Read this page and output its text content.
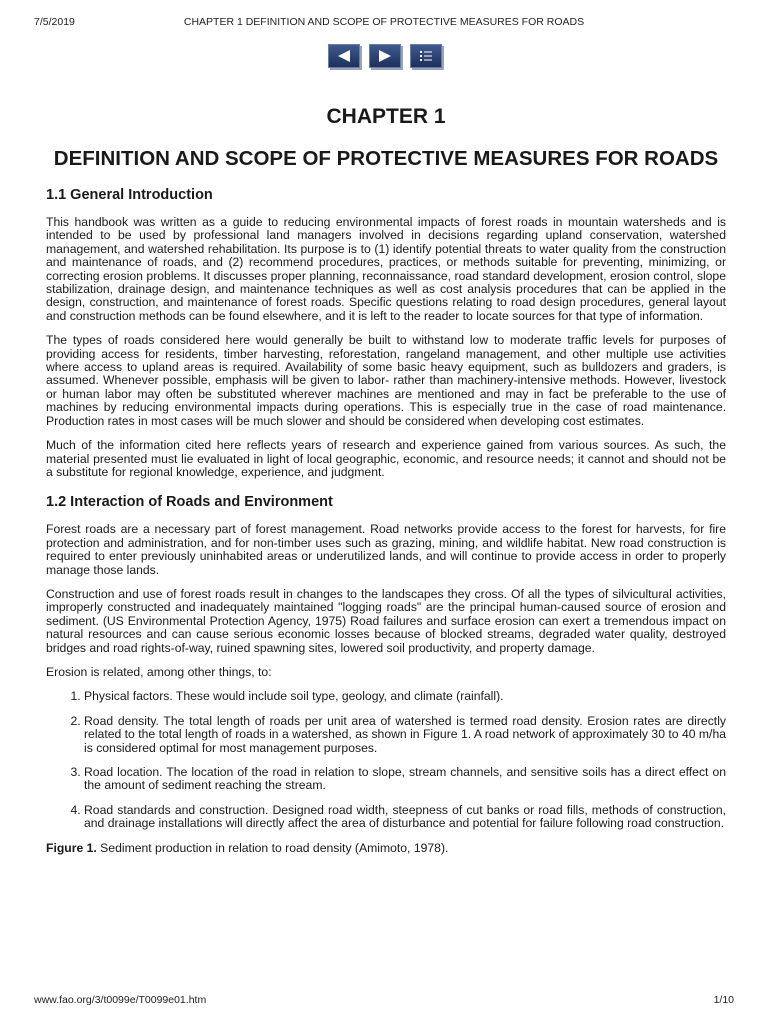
7/5/2019	CHAPTER 1 DEFINITION AND SCOPE OF PROTECTIVE MEASURES FOR ROADS
CHAPTER 1
DEFINITION AND SCOPE OF PROTECTIVE MEASURES FOR ROADS
1.1 General Introduction

This handbook was written as a guide to reducing environmental impacts of forest roads in mountain watersheds and is intended to be used by professional land managers involved in decisions regarding upland conservation, watershed management, and watershed rehabilitation. Its purpose is to (1) identify potential threats to water quality from the construction and maintenance of roads, and (2) recommend procedures, practices, or methods suitable for preventing, minimizing, or correcting erosion problems. It discusses proper planning, reconnaissance, road standard development, erosion control, slope stabilization, drainage design, and maintenance techniques as well as cost analysis procedures that can be applied in the design, construction, and maintenance of forest roads. Specific questions relating to road design procedures, general layout and construction methods can be found elsewhere, and it is left to the reader to locate sources for that type of information.

The types of roads considered here would generally be built to withstand low to moderate traffic levels for purposes of providing access for residents, timber harvesting, reforestation, rangeland management, and other multiple use activities where access to upland areas is required. Availability of some basic heavy equipment, such as bulldozers and graders, is assumed. Whenever possible, emphasis will be given to labor- rather than machinery-intensive methods. However, livestock or human labor may often be substituted wherever machines are mentioned and may in fact be preferable to the use of machines by reducing environmental impacts during operations. This is especially true in the case of road maintenance. Production rates in most cases will be much slower and should be considered when developing cost estimates.

Much of the information cited here reflects years of research and experience gained from various sources. As such, the material presented must lie evaluated in light of local geographic, economic, and resource needs; it cannot and should not be a substitute for regional knowledge, experience, and judgment.

1.2 Interaction of Roads and Environment

Forest roads are a necessary part of forest management. Road networks provide access to the forest for harvests, for fire protection and administration, and for non-timber uses such as grazing, mining, and wildlife habitat. New road construction is required to enter previously uninhabited areas or underutilized lands, and will continue to provide access in order to properly manage those lands.

Construction and use of forest roads result in changes to the landscapes they cross. Of all the types of silvicultural activities, improperly constructed and inadequately maintained "logging roads" are the principal human-caused source of erosion and sediment. (US Environmental Protection Agency, 1975) Road failures and surface erosion can exert a tremendous impact on natural resources and can cause serious economic losses because of blocked streams, degraded water quality, destroyed bridges and road rights-of-way, ruined spawning sites, lowered soil productivity, and property damage.

Erosion is related, among other things, to:

1. Physical factors. These would include soil type, geology, and climate (rainfall).
2. Road density. The total length of roads per unit area of watershed is termed road density. Erosion rates are directly related to the total length of roads in a watershed, as shown in Figure 1. A road network of approximately 30 to 40 m/ha is considered optimal for most management purposes.
3. Road location. The location of the road in relation to slope, stream channels, and sensitive soils has a direct effect on the amount of sediment reaching the stream.
4. Road standards and construction. Designed road width, steepness of cut banks or road fills, methods of construction, and drainage installations will directly affect the area of disturbance and potential for failure following road construction.
Figure 1. Sediment production in relation to road density (Amimoto, 1978).
www.fao.org/3/t0099e/T0099e01.htm	1/10
